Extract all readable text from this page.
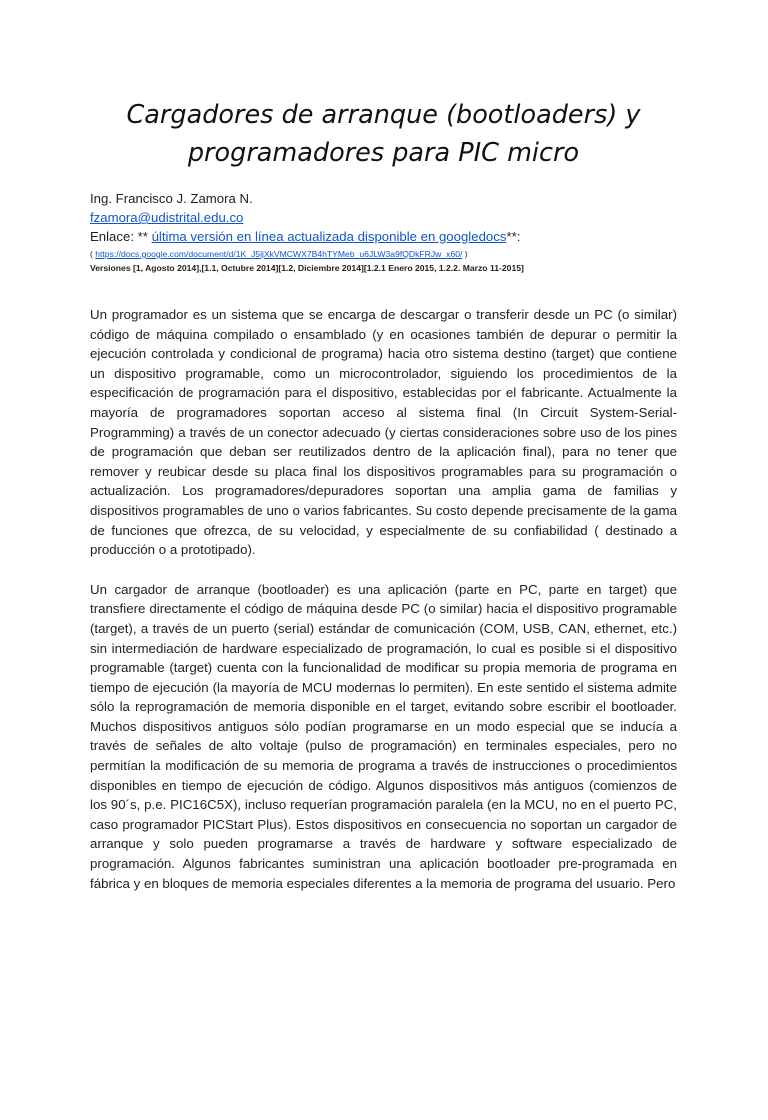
Cargadores de arranque (bootloaders) y
programadores para PIC micro
Ing. Francisco J. Zamora N.
fzamora@udistrital.edu.co
Enlace: ** última versión en línea actualizada disponible en googledocs**:
( https://docs.google.com/document/d/1K_J5ljXkVMCWX7B4hTYMeb_u6JLW3a9fQDkFRJw_x60/ )
Versiones [1, Agosto 2014],[1.1, Octubre 2014][1.2, Diciembre 2014][1.2.1 Enero 2015, 1.2.2. Marzo 11-2015]

Un programador es un sistema que se encarga de descargar o transferir desde un PC (o similar) código de máquina compilado o ensamblado (y en ocasiones también de depurar o permitir la ejecución controlada y condicional de programa) hacia otro sistema destino (target) que contiene un dispositivo programable, como un microcontrolador, siguiendo los procedimientos de la especificación de programación para el dispositivo, establecidas por el fabricante. Actualmente la mayoría de programadores soportan acceso al sistema final (In Circuit System-Serial- Programming) a través de un conector adecuado (y ciertas consideraciones sobre uso de los pines de programación que deban ser reutilizados dentro de la aplicación final), para no tener que remover y reubicar desde su placa final los dispositivos programables para su programación o actualización. Los programadores/depuradores soportan una amplia gama de familias y dispositivos programables de uno o varios fabricantes. Su costo depende precisamente de la gama de funciones que ofrezca, de su velocidad, y especialmente de su confiabilidad ( destinado a producción o a prototipado).

Un cargador de arranque (bootloader) es una aplicación (parte en PC, parte en target) que transfiere directamente el código de máquina desde PC (o similar) hacia el dispositivo programable (target), a través de un puerto (serial) estándar de comunicación (COM, USB, CAN, ethernet, etc.) sin intermediación de hardware especializado de programación, lo cual es posible si el dispositivo programable (target) cuenta con la funcionalidad de modificar su propia memoria de programa en tiempo de ejecución (la mayoría de MCU modernas lo permiten). En este sentido el sistema admite sólo la reprogramación de memoria disponible en el target, evitando sobre escribir el bootloader. Muchos dispositivos antiguos sólo podían programarse en un modo especial que se inducía a través de señales de alto voltaje (pulso de programación) en terminales especiales, pero no permitían la modificación de su memoria de programa a través de instrucciones o procedimientos disponibles en tiempo de ejecución de código. Algunos dispositivos más antiguos (comienzos de los 90´s, p.e. PIC16C5X), incluso requerían programación paralela (en la MCU, no en el puerto PC, caso programador PICStart Plus). Estos dispositivos en consecuencia no soportan un cargador de arranque y solo pueden programarse a través de hardware y software especializado de programación. Algunos fabricantes suministran una aplicación bootloader pre-programada en fábrica y en bloques de memoria especiales diferentes a la memoria de programa del usuario. Pero
